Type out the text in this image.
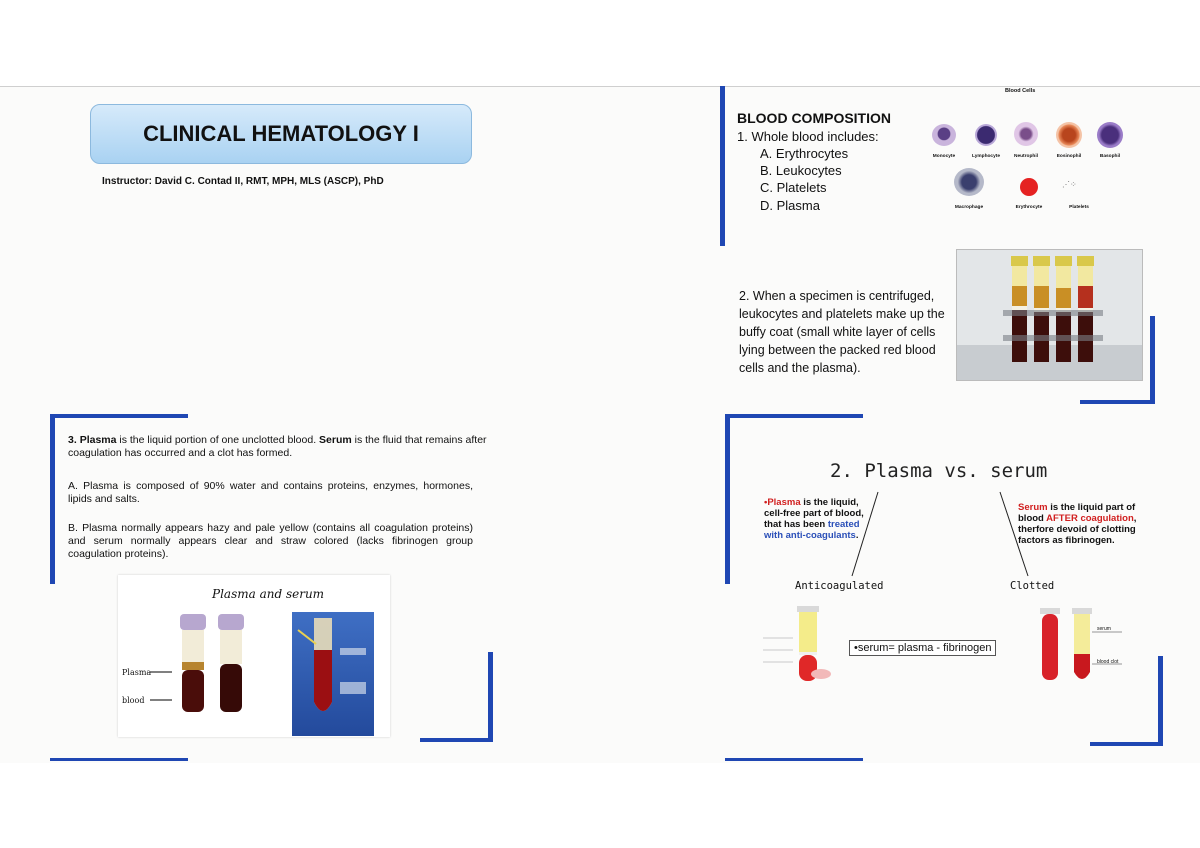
CLINICAL HEMATOLOGY I
Instructor: David C. Contad II, RMT, MPH, MLS (ASCP), PhD
BLOOD COMPOSITION
1. Whole blood includes:
A. Erythrocytes
B. Leukocytes
C. Platelets
D. Plasma
Blood Cells
Monocyte	Lymphocyte	Neutrophil	Eosinophil	Basophil
⋰⁘
Macrophage	Erythrocyte	Platelets
2. When a specimen is centrifuged, leukocytes and platelets make up the buffy coat (small white layer of cells lying between the packed red blood cells and the plasma).
3. Plasma is the liquid portion of one unclotted blood. Serum is the fluid that remains after coagulation has occurred and a clot has formed.
A. Plasma is composed of 90% water and contains proteins, enzymes, hormones, lipids and salts.
B. Plasma normally appears hazy and pale yellow (contains all coagulation proteins) and serum normally appears clear and straw colored (lacks fibrinogen group coagulation proteins).
Plasma and serum
Plasma
blood
2. Plasma vs. serum
•Plasma is the liquid, cell-free part of blood, that has been treated with anti-coagulants.
Serum is the liquid part of blood AFTER coagulation, therfore devoid of clotting factors as fibrinogen.
Anticoagulated	Clotted
•serum= plasma - fibrinogen
serum
blood clot
